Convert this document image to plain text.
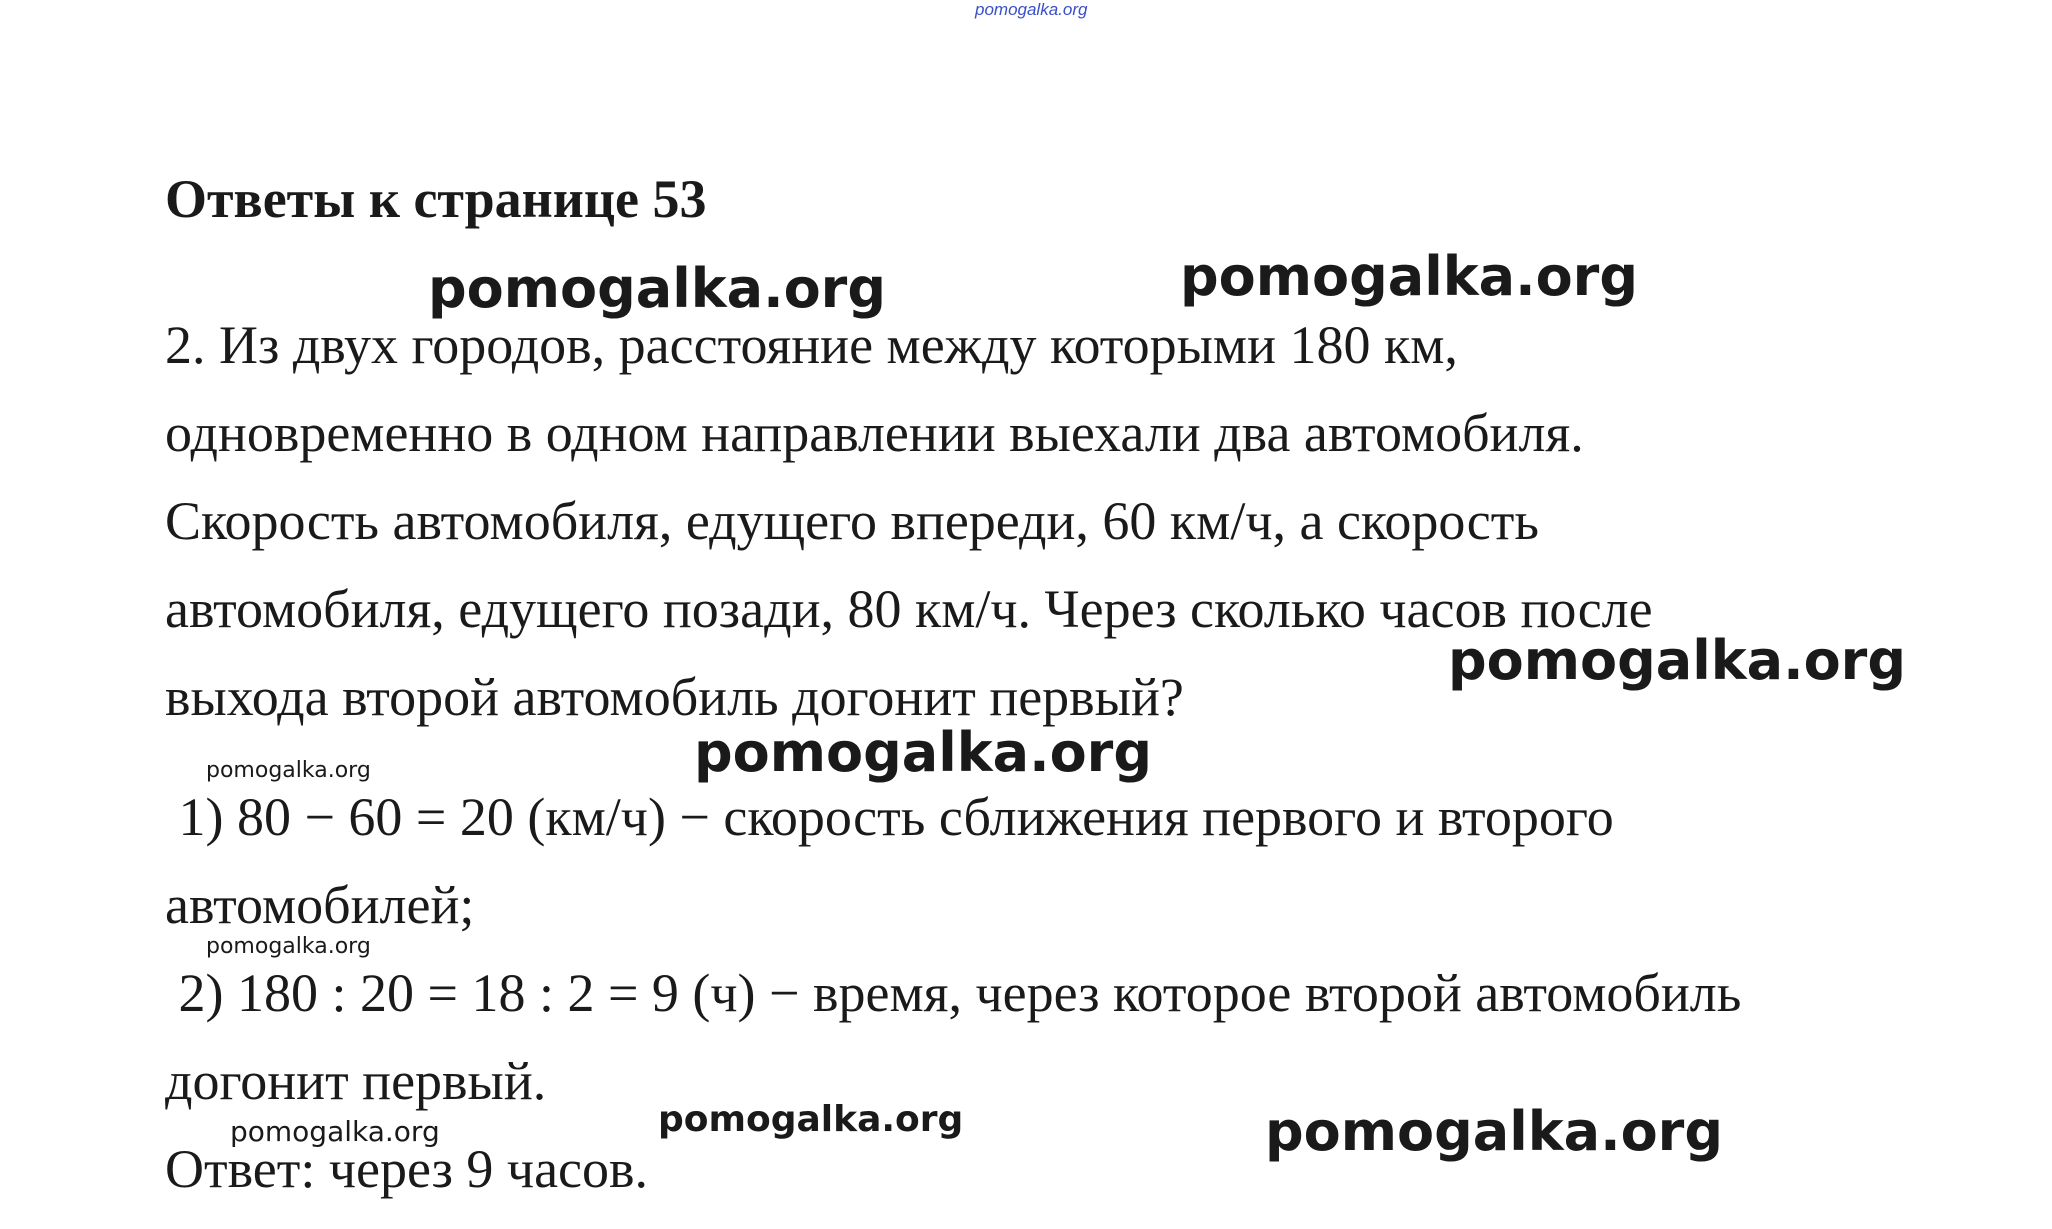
pomogalka.org
Ответы к странице 53
2. Из двух городов, расстояние между которыми 180 км,
одновременно в одном направлении выехали два автомобиля.
Скорость автомобиля, едущего впереди, 60 км/ч, а скорость
автомобиля, едущего позади, 80 км/ч. Через сколько часов после
выхода второй автомобиль догонит первый?
1) 80 − 60 = 20 (км/ч) − скорость сближения первого и второго
автомобилей;
2) 180 : 20 = 18 : 2 = 9 (ч) − время, через которое второй автомобиль
догонит первый.
Ответ: через 9 часов.
pomogalka.org	pomogalka.org
pomogalka.org
pomogalka.org
pomogalka.org
pomogalka.org
pomogalka.org	pomogalka.org	pomogalka.org
